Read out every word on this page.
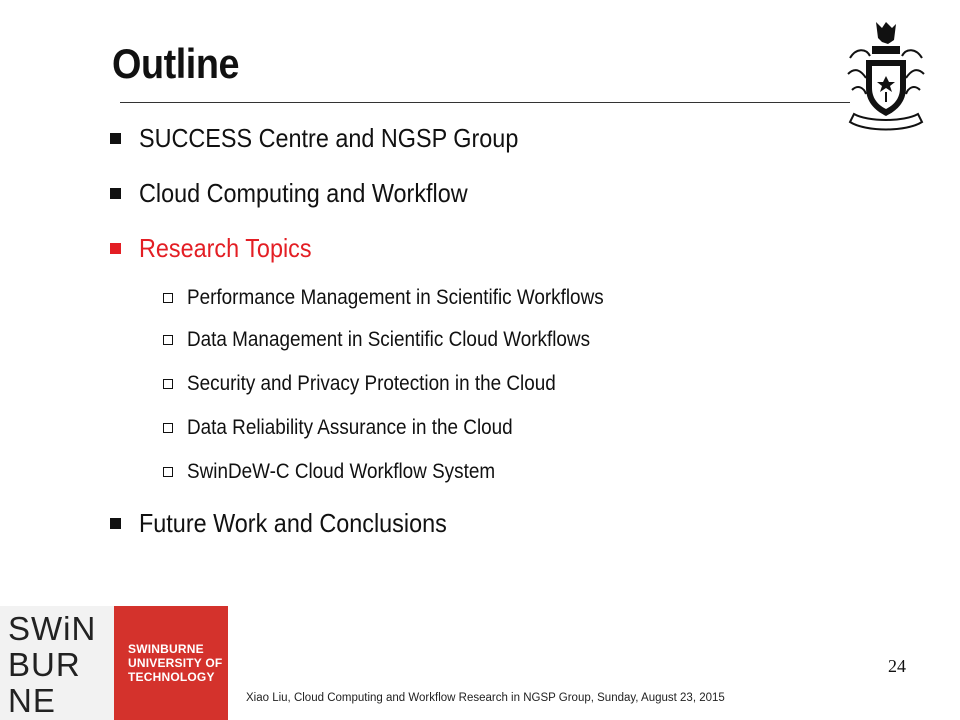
Outline
SUCCESS Centre and NGSP Group
Cloud Computing and Workflow
Research Topics
Performance Management in Scientific Workflows
Data Management in Scientific Cloud Workflows
Security and Privacy Protection in the Cloud
Data Reliability Assurance in the Cloud
SwinDeW-C Cloud Workflow System
Future Work and Conclusions
SWiN
BUR
NE
SWINBURNE
UNIVERSITY OF
TECHNOLOGY
24
Xiao Liu, Cloud Computing and Workflow Research in NGSP Group, Sunday, August 23, 2015
